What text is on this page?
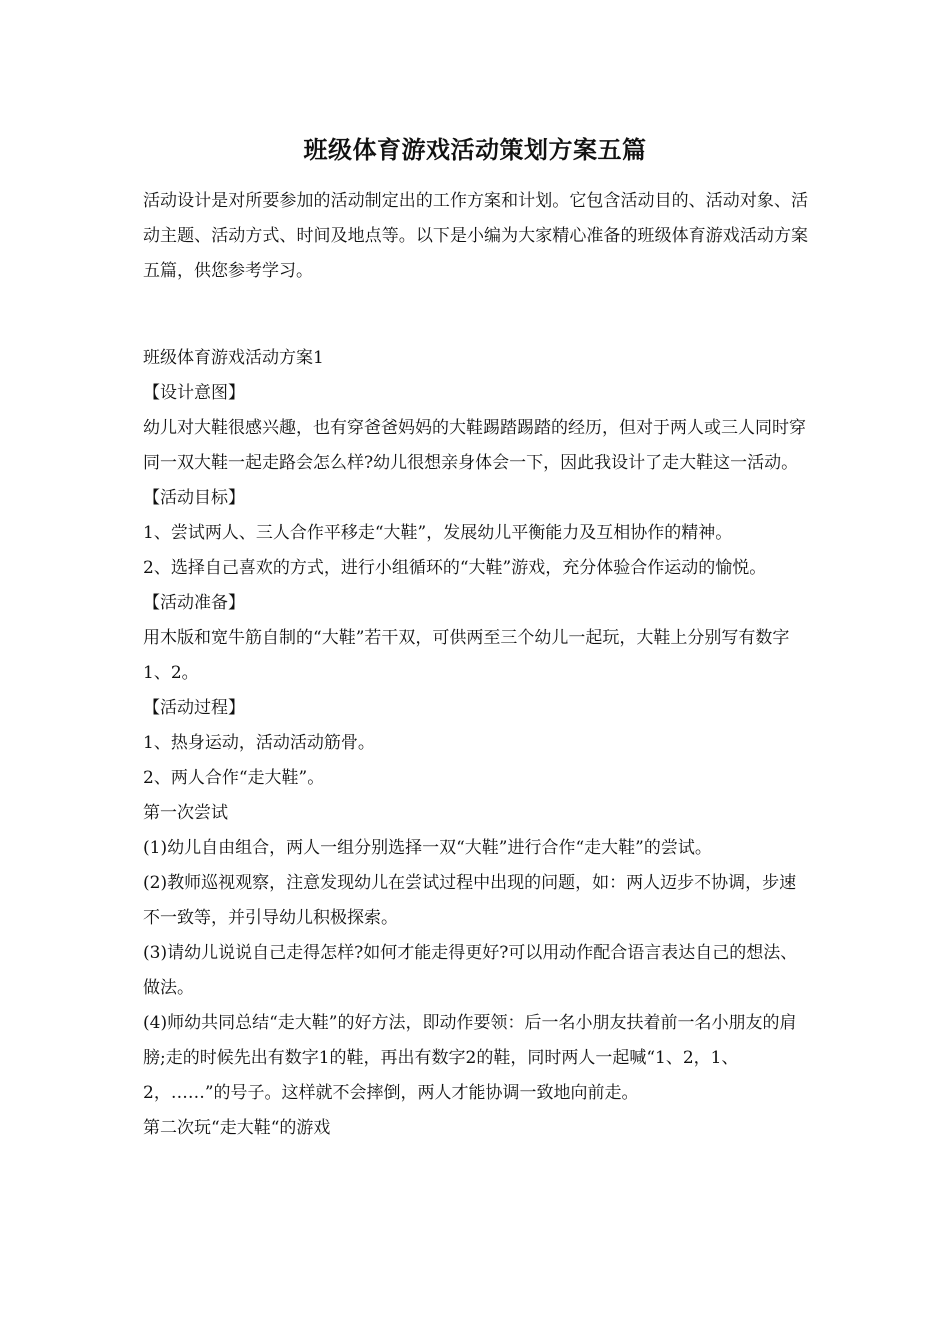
班级体育游戏活动策划方案五篇

活动设计是对所要参加的活动制定出的工作方案和计划。它包含活动目的、活动对象、活动主题、活动方式、时间及地点等。以下是小编为大家精心准备的班级体育游戏活动方案五篇，供您参考学习。

班级体育游戏活动方案1

【设计意图】

幼儿对大鞋很感兴趣，也有穿爸爸妈妈的大鞋踢踏踢踏的经历，但对于两人或三人同时穿同一双大鞋一起走路会怎么样?幼儿很想亲身体会一下，因此我设计了走大鞋这一活动。

【活动目标】

1、尝试两人、三人合作平移走“大鞋”，发展幼儿平衡能力及互相协作的精神。

2、选择自己喜欢的方式，进行小组循环的“大鞋”游戏，充分体验合作运动的愉悦。

【活动准备】

用木版和宽牛筋自制的“大鞋”若干双，可供两至三个幼儿一起玩，大鞋上分别写有数字1、2。

【活动过程】

1、热身运动，活动活动筋骨。

2、两人合作“走大鞋”。

第一次尝试

(1)幼儿自由组合，两人一组分别选择一双“大鞋”进行合作“走大鞋”的尝试。

(2)教师巡视观察，注意发现幼儿在尝试过程中出现的问题，如：两人迈步不协调，步速不一致等，并引导幼儿积极探索。

(3)请幼儿说说自己走得怎样?如何才能走得更好?可以用动作配合语言表达自己的想法、做法。

(4)师幼共同总结“走大鞋”的好方法，即动作要领：后一名小朋友扶着前一名小朋友的肩膀;走的时候先出有数字1的鞋，再出有数字2的鞋，同时两人一起喊“1、2，1、2，……”的号子。这样就不会摔倒，两人才能协调一致地向前走。

第二次玩“走大鞋“的游戏
